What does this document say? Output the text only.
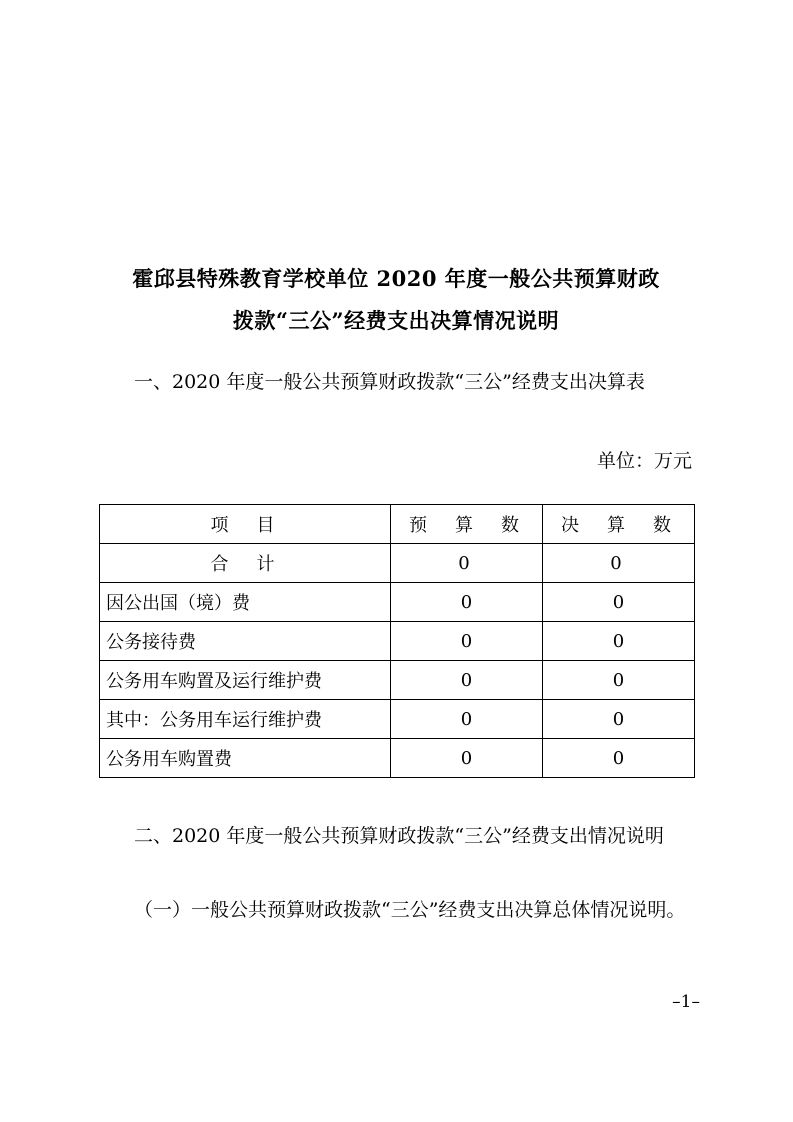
霍邱县特殊教育学校单位 2020 年度一般公共预算财政
拨款“三公”经费支出决算情况说明
一、2020 年度一般公共预算财政拨款“三公”经费支出决算表
单位：万元
项　目	预　算　数	决　算　数
合　计	0	0
因公出国（境）费	0	0
公务接待费	0	0
公务用车购置及运行维护费	0	0
其中：公务用车运行维护费	0	0
公务用车购置费	0	0
二、2020 年度一般公共预算财政拨款“三公”经费支出情况说明
（一）一般公共预算财政拨款“三公”经费支出决算总体情况说明。
–1–
